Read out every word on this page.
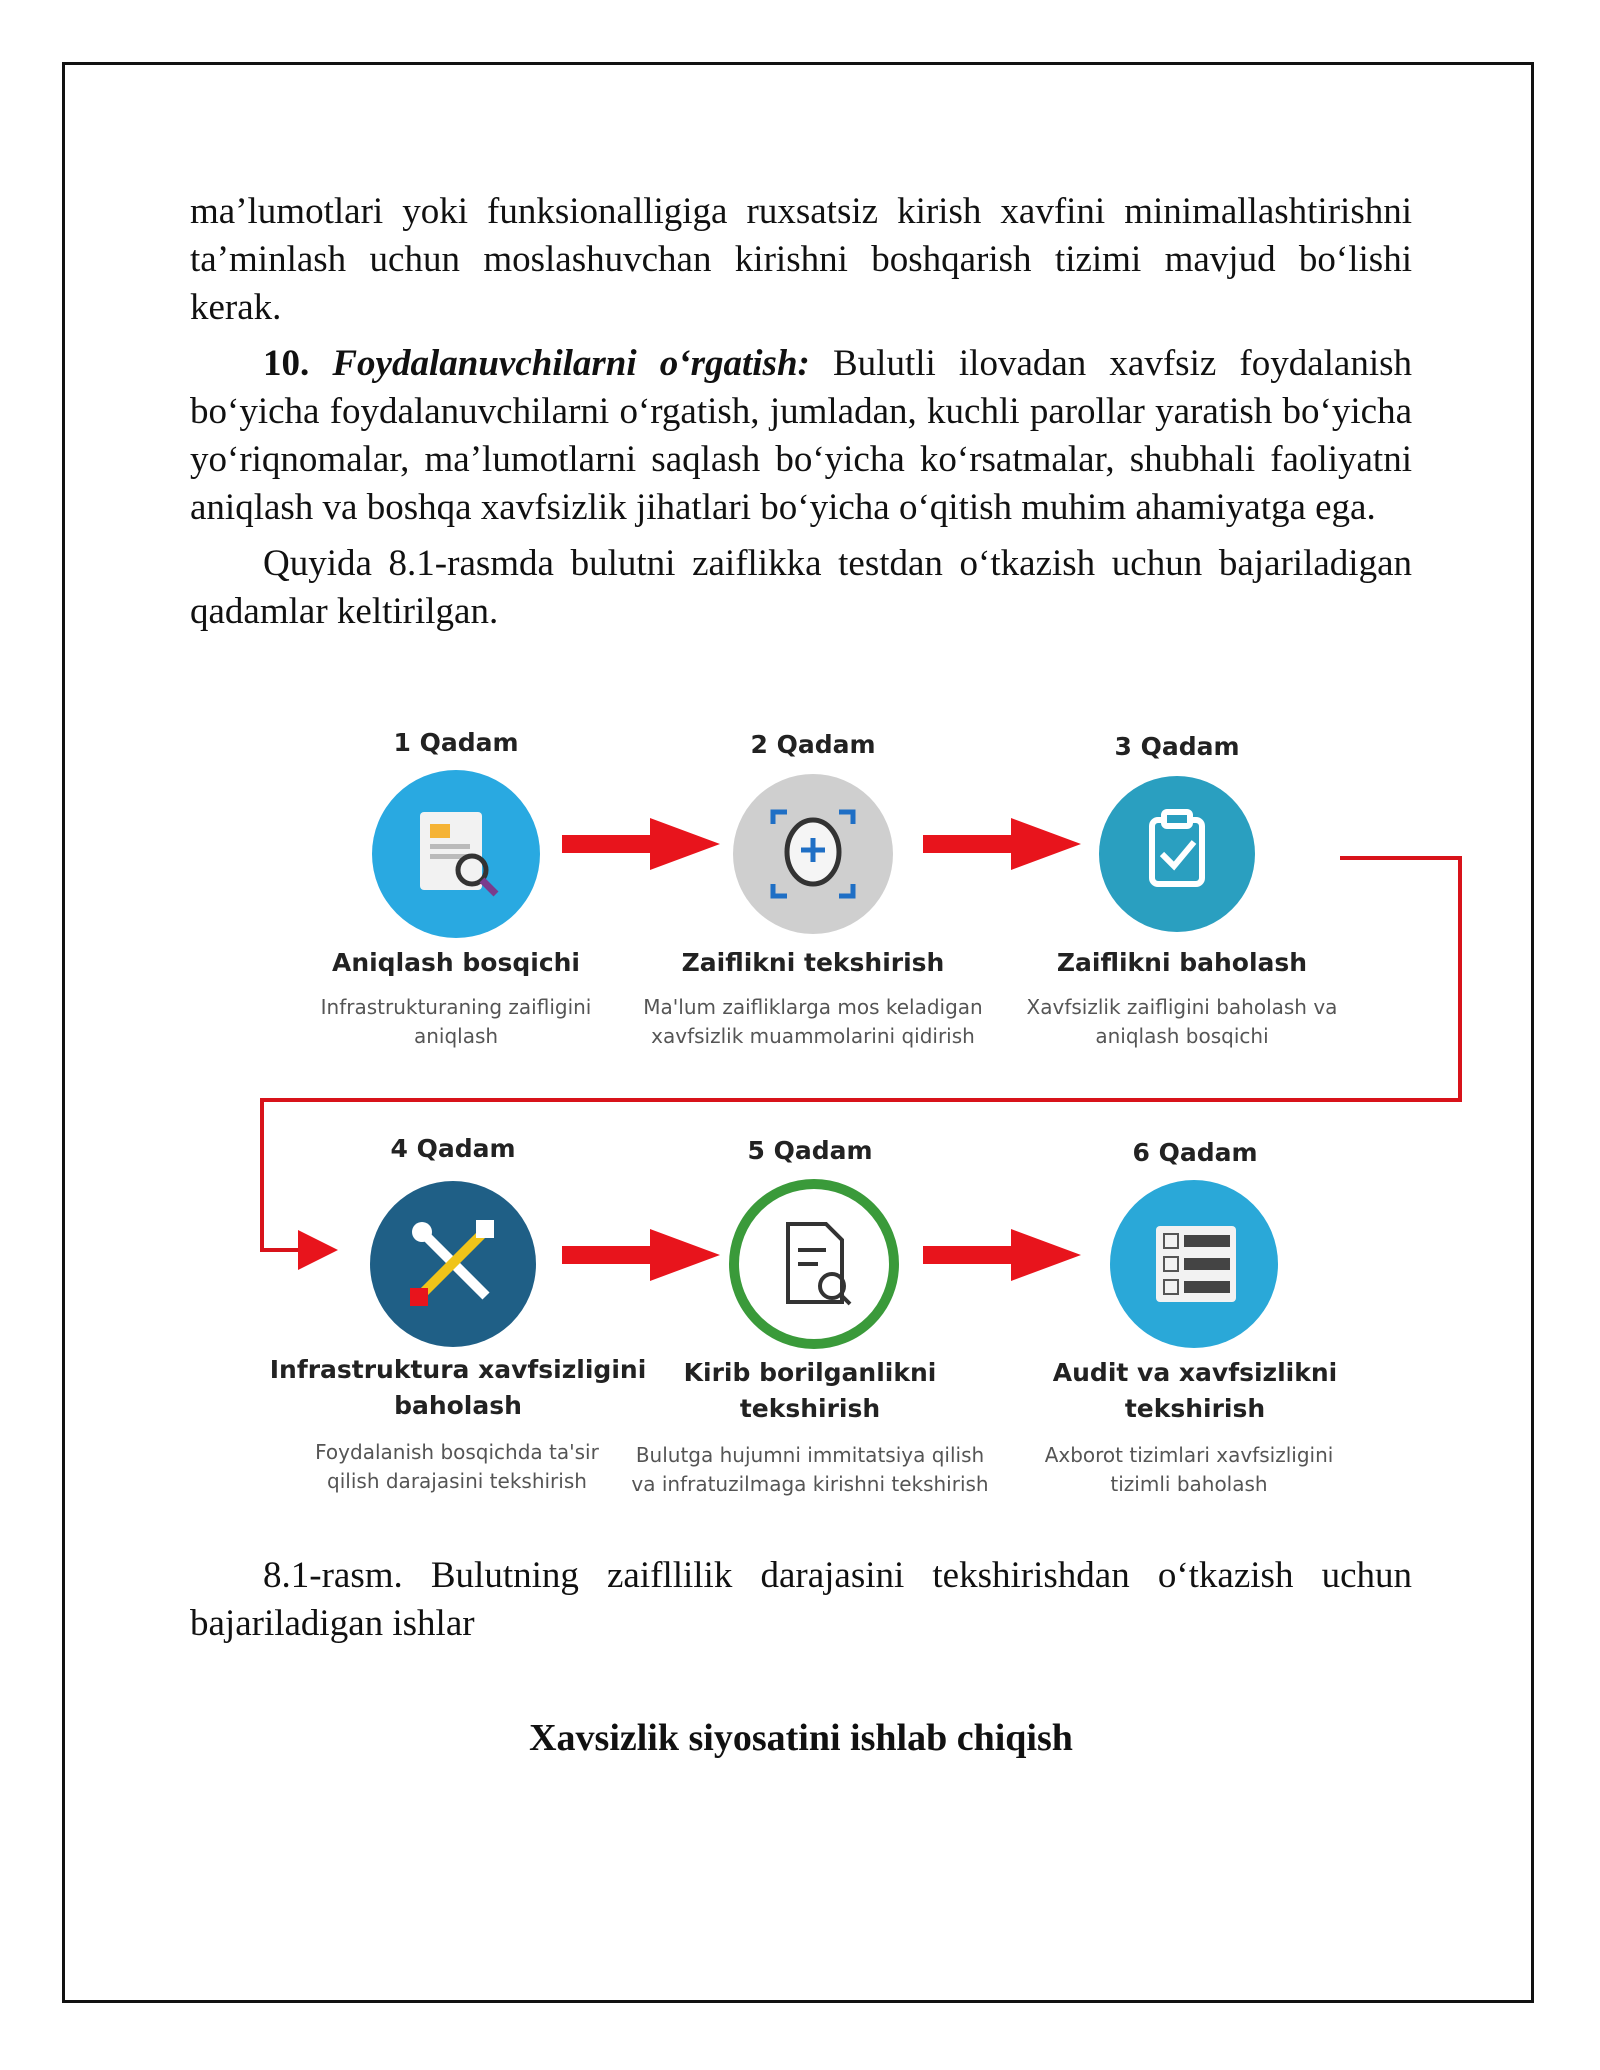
ma’lumotlari yoki funksionalligiga ruxsatsiz kirish xavfini minimallashtirishni ta’minlash uchun moslashuvchan kirishni boshqarish tizimi mavjud bo‘lishi kerak.

10. Foydalanuvchilarni o‘rgatish: Bulutli ilovadan xavfsiz foydalanish bo‘yicha foydalanuvchilarni o‘rgatish, jumladan, kuchli parollar yaratish bo‘yicha yo‘riqnomalar, ma’lumotlarni saqlash bo‘yicha ko‘rsatmalar, shubhali faoliyatni aniqlash va boshqa xavfsizlik jihatlari bo‘yicha o‘qitish muhim ahamiyatga ega.

Quyida 8.1-rasmda bulutni zaiflikka testdan o‘tkazish uchun bajariladigan qadamlar keltirilgan.

1 Qadam
Aniqlash bosqichi
Infrastrukturaning zaifligini aniqlash
2 Qadam
Zaiflikni tekshirish
Ma'lum zaifliklarga mos keladigan xavfsizlik muammolarini qidirish
3 Qadam
Zaiflikni baholash
Xavfsizlik zaifligini baholash va aniqlash bosqichi
4 Qadam
Infrastruktura xavfsizligini
baholash
Foydalanish bosqichda ta'sir qilish darajasini tekshirish
5 Qadam
Kirib borilganlikni
tekshirish
Bulutga hujumni immitatsiya qilish va infratuzilmaga kirishni tekshirish
6 Qadam
Audit va xavfsizlikni
tekshirish
Axborot tizimlari xavfsizligini tizimli baholash
8.1-rasm. Bulutning zaifllilik darajasini tekshirishdan o‘tkazish uchun bajariladigan ishlar
Xavsizlik siyosatini ishlab chiqish
